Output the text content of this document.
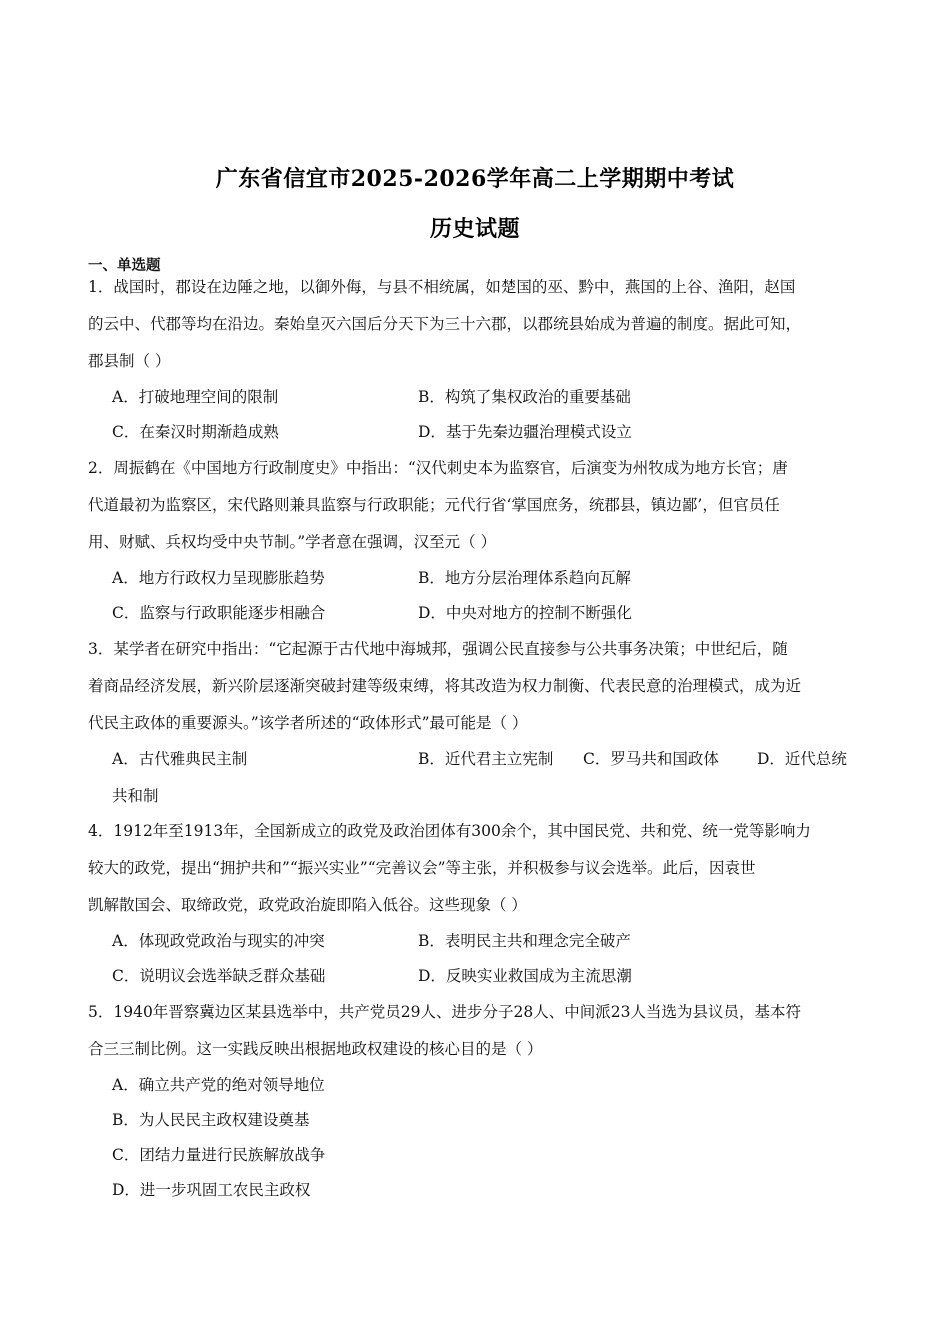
广东省信宜市2025-2026学年高二上学期期中考试
历史试题
一、单选题
1．战国时，郡设在边陲之地，以御外侮，与县不相统属，如楚国的巫、黔中，燕国的上谷、渔阳，赵国
的云中、代郡等均在沿边。秦始皇灭六国后分天下为三十六郡，以郡统县始成为普遍的制度。据此可知，
郡县制（ ）
A．打破地理空间的限制	B．构筑了集权政治的重要基础
C．在秦汉时期渐趋成熟	D．基于先秦边疆治理模式设立
2．周振鹤在《中国地方行政制度史》中指出：“汉代刺史本为监察官，后演变为州牧成为地方长官；唐
代道最初为监察区，宋代路则兼具监察与行政职能；元代行省‘掌国庶务，统郡县，镇边鄙’，但官员任
用、财赋、兵权均受中央节制。”学者意在强调，汉至元（ ）
A．地方行政权力呈现膨胀趋势	B．地方分层治理体系趋向瓦解
C．监察与行政职能逐步相融合	D．中央对地方的控制不断强化
3．某学者在研究中指出：“它起源于古代地中海城邦，强调公民直接参与公共事务决策；中世纪后，随
着商品经济发展，新兴阶层逐渐突破封建等级束缚，将其改造为权力制衡、代表民意的治理模式，成为近
代民主政体的重要源头。”该学者所述的“政体形式”最可能是（ ）
A．古代雅典民主制	B．近代君主立宪制 C．罗马共和国政体 D．近代总统
共和制
4．1912年至1913年，全国新成立的政党及政治团体有300余个，其中国民党、共和党、统一党等影响力
较大的政党，提出“拥护共和”“振兴实业”“完善议会”等主张，并积极参与议会选举。此后，因袁世
凯解散国会、取缔政党，政党政治旋即陷入低谷。这些现象（ ）
A．体现政党政治与现实的冲突	B．表明民主共和理念完全破产
C．说明议会选举缺乏群众基础	D．反映实业救国成为主流思潮
5．1940年晋察冀边区某县选举中，共产党员29人、进步分子28人、中间派23人当选为县议员，基本符
合三三制比例。这一实践反映出根据地政权建设的核心目的是（ ）
A．确立共产党的绝对领导地位
B．为人民民主政权建设奠基
C．团结力量进行民族解放战争
D．进一步巩固工农民主政权
